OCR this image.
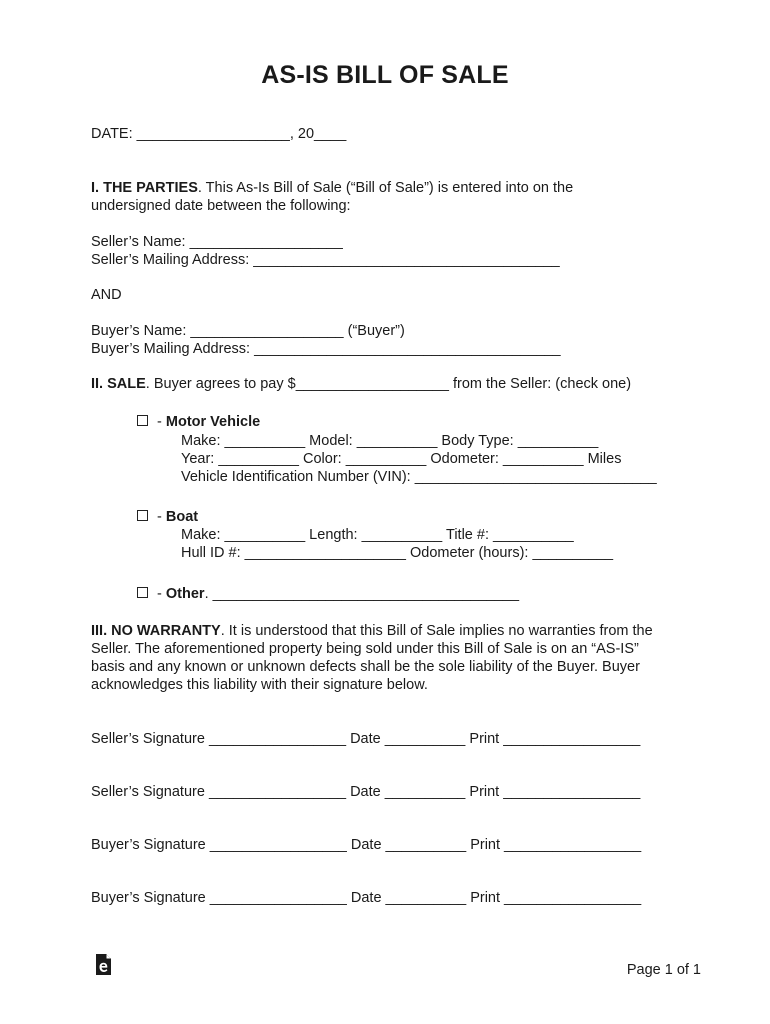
AS-IS BILL OF SALE
DATE: ___________________, 20____
I. THE PARTIES. This As-Is Bill of Sale (“Bill of Sale”) is entered into on the
undersigned date between the following:
Seller’s Name: ___________________
Seller’s Mailing Address: ______________________________________
AND
Buyer’s Name: ___________________ (“Buyer”)
Buyer’s Mailing Address: ______________________________________
II. SALE. Buyer agrees to pay $___________________ from the Seller: (check one)
- Motor Vehicle
Make: __________ Model: __________ Body Type: __________
Year: __________ Color: __________ Odometer: __________ Miles
Vehicle Identification Number (VIN): ______________________________
- Boat
Make: __________ Length: __________ Title #: __________
Hull ID #: ____________________ Odometer (hours): __________
- Other. ______________________________________
III. NO WARRANTY. It is understood that this Bill of Sale implies no warranties from the
Seller. The aforementioned property being sold under this Bill of Sale is on an “AS-IS”
basis and any known or unknown defects shall be the sole liability of the Buyer. Buyer
acknowledges this liability with their signature below.
Seller’s Signature _________________ Date __________ Print _________________
Seller’s Signature _________________ Date __________ Print _________________
Buyer’s Signature _________________ Date __________ Print _________________
Buyer’s Signature _________________ Date __________ Print _________________
Page 1 of 1
